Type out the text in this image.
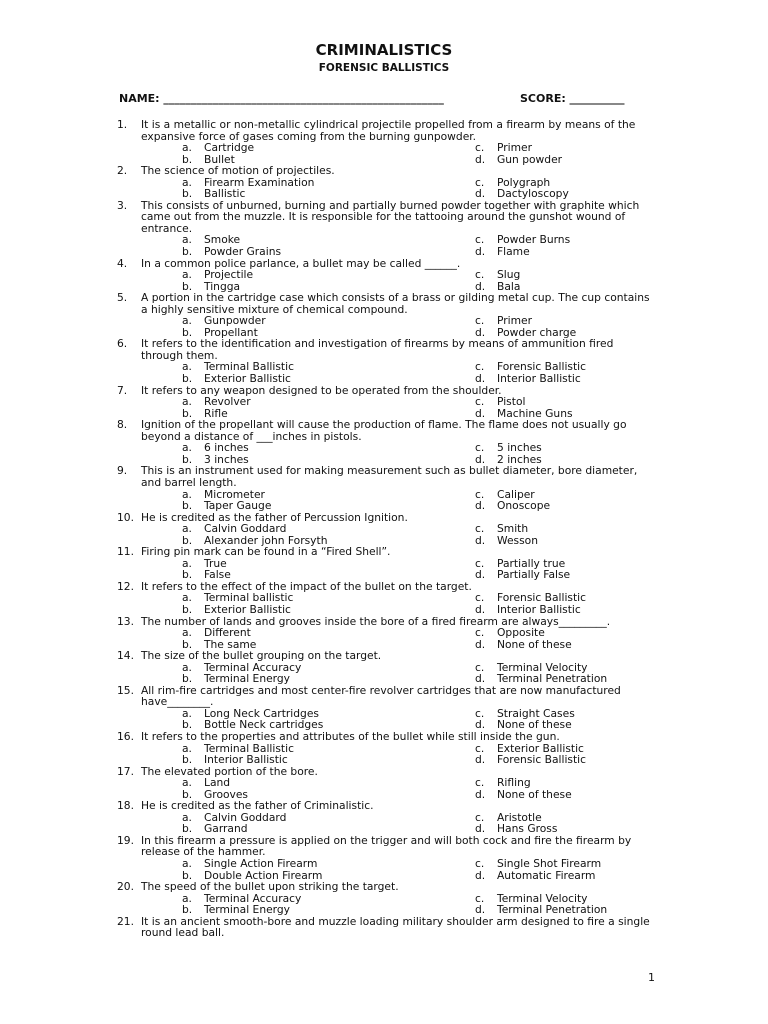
CRIMINALISTICS
FORENSIC BALLISTICS
NAME: ___________________________________________________	SCORE: __________
1. It is a metallic or non-metallic cylindrical projectile propelled from a firearm by means of the expansive force of gases coming from the burning gunpowder.
a. Cartridge	c. Primer
b. Bullet	d. Gun powder
2. The science of motion of projectiles.
a. Firearm Examination	c. Polygraph
b. Ballistic	d. Dactyloscopy
3. This consists of unburned, burning and partially burned powder together with graphite which came out from the muzzle. It is responsible for the tattooing around the gunshot wound of entrance.
a. Smoke	c. Powder Burns
b. Powder Grains	d. Flame
4. In a common police parlance, a bullet may be called ______.
a. Projectile	c. Slug
b. Tingga	d. Bala
5. A portion in the cartridge case which consists of a brass or gilding metal cup. The cup contains a highly sensitive mixture of chemical compound.
a. Gunpowder	c. Primer
b. Propellant	d. Powder charge
6. It refers to the identification and investigation of firearms by means of ammunition fired through them.
a. Terminal Ballistic	c. Forensic Ballistic
b. Exterior Ballistic	d. Interior Ballistic
7. It refers to any weapon designed to be operated from the shoulder.
a. Revolver	c. Pistol
b. Rifle	d. Machine Guns
8. Ignition of the propellant will cause the production of flame. The flame does not usually go beyond a distance of ___inches in pistols.
a. 6 inches	c. 5 inches
b. 3 inches	d. 2 inches
9. This is an instrument used for making measurement such as bullet diameter, bore diameter, and barrel length.
a. Micrometer	c. Caliper
b. Taper Gauge	d. Onoscope
10. He is credited as the father of Percussion Ignition.
a. Calvin Goddard	c. Smith
b. Alexander john Forsyth	d. Wesson
11. Firing pin mark can be found in a “Fired Shell”.
a. True	c. Partially true
b. False	d. Partially False
12. It refers to the effect of the impact of the bullet on the target.
a. Terminal ballistic	c. Forensic Ballistic
b. Exterior Ballistic	d. Interior Ballistic
13. The number of lands and grooves inside the bore of a fired firearm are always_________.
a. Different	c. Opposite
b. The same	d. None of these
14. The size of the bullet grouping on the target.
a. Terminal Accuracy	c. Terminal Velocity
b. Terminal Energy	d. Terminal Penetration
15. All rim-fire cartridges and most center-fire revolver cartridges that are now manufactured have________.
a. Long Neck Cartridges	c. Straight Cases
b. Bottle Neck cartridges	d. None of these
16. It refers to the properties and attributes of the bullet while still inside the gun.
a. Terminal Ballistic	c. Exterior Ballistic
b. Interior Ballistic	d. Forensic Ballistic
17. The elevated portion of the bore.
a. Land	c. Rifling
b. Grooves	d. None of these
18. He is credited as the father of Criminalistic.
a. Calvin Goddard	c. Aristotle
b. Garrand	d. Hans Gross
19. In this firearm a pressure is applied on the trigger and will both cock and fire the firearm by release of the hammer.
a. Single Action Firearm	c. Single Shot Firearm
b. Double Action Firearm	d. Automatic Firearm
20. The speed of the bullet upon striking the target.
a. Terminal Accuracy	c. Terminal Velocity
b. Terminal Energy	d. Terminal Penetration
21. It is an ancient smooth-bore and muzzle loading military shoulder arm designed to fire a single round lead ball.
1
